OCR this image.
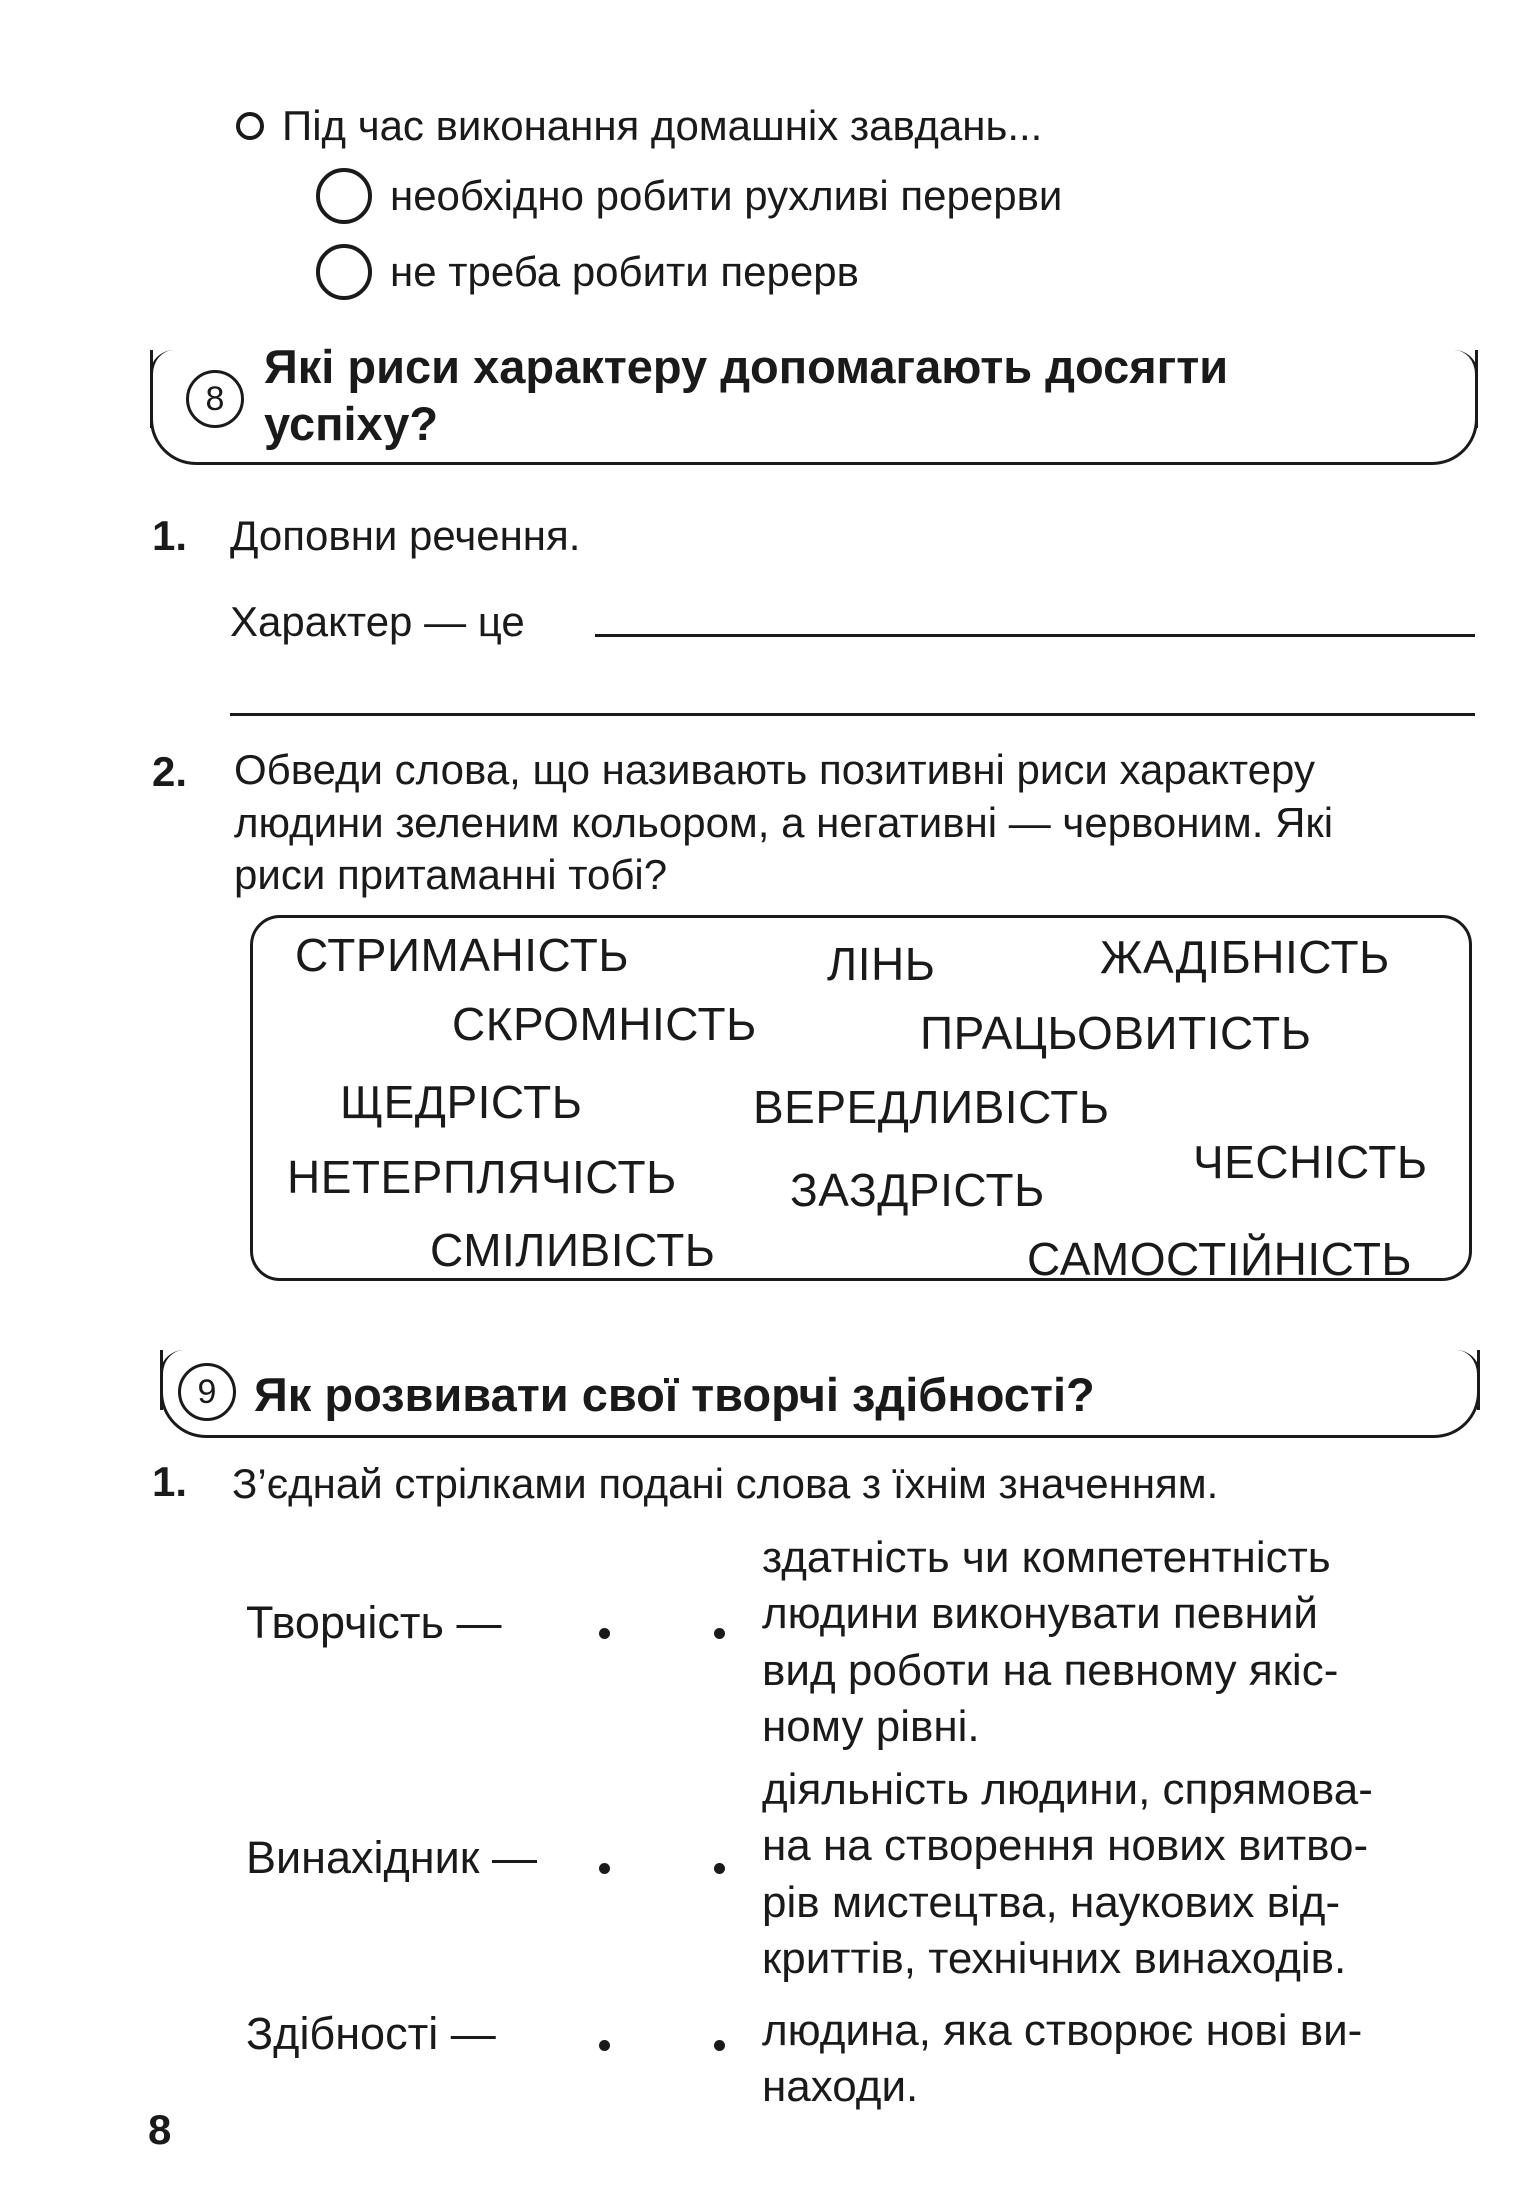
Під час виконання домашніх завдань...
необхідно робити рухливі перерви
не треба робити перерв
8
Які риси характеру допомагають досягти
успіху?
1. Доповни речення.
Характер — це
2. Обведи слова, що називають позитивні риси характеру
людини зеленим кольором, а негативні — червоним. Які
риси притаманні тобі?
СТРИМАНІСТЬ	ЛІНЬ	ЖАДІБНІСТЬ
СКРОМНІСТЬ	ПРАЦЬОВИТІСТЬ
ЩЕДРІСТЬ	ВЕРЕДЛИВІСТЬ
НЕТЕРПЛЯЧІСТЬ ЗАЗДРІСТЬ
ЧЕСНІСТЬ
СМІЛИВІСТЬ	САМОСТІЙНІСТЬ
9 Як розвивати свої творчі здібності?
1. З’єднай стрілками подані слова з їхнім значенням.
Творчість —
здатність чи компетентність
людини виконувати певний
вид роботи на певному якіс-
ному рівні.
Винахідник —
діяльність людини, спрямова-
на на створення нових витво-
рів мистецтва, наукових від-
криттів, технічних винаходів.
Здібності —	людина, яка створює нові ви-
находи.
8
